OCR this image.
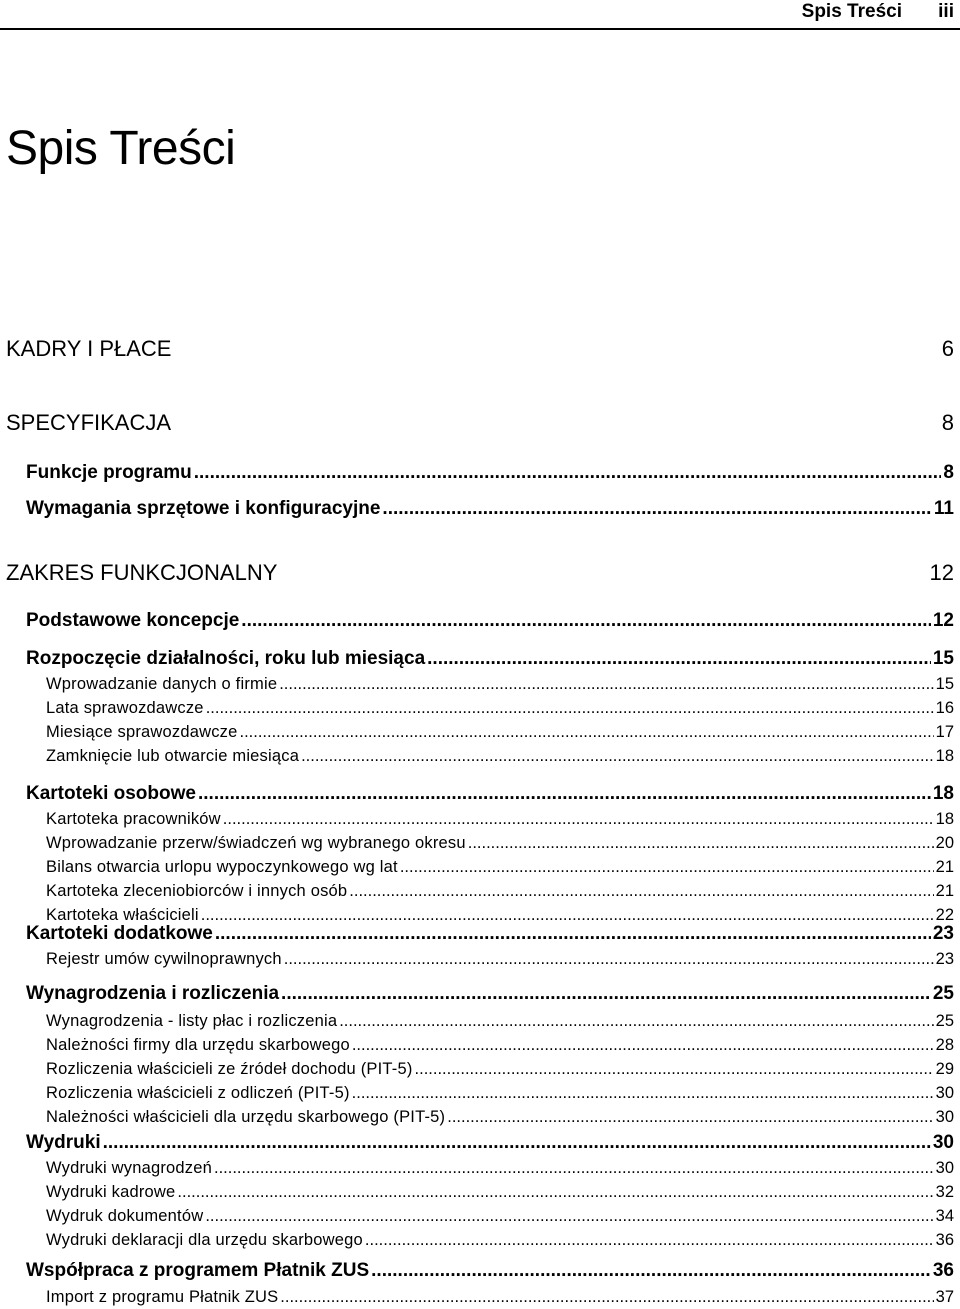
Spis Treści iii
Spis Treści
KADRY I PŁACE	6
SPECYFIKACJA	8
Funkcje programu .....	8
Wymagania sprzętowe i konfiguracyjne .....	11
ZAKRES FUNKCJONALNY	12
Podstawowe koncepcje .....	12
Rozpoczęcie działalności, roku lub miesiąca .....	15
Wprowadzanie danych o firmie .....	15
Lata sprawozdawcze .....	16
Miesiące sprawozdawcze .....	17
Zamknięcie lub otwarcie miesiąca .....	18
Kartoteki osobowe .....	18
Kartoteka pracowników .....	18
Wprowadzanie przerw/świadczeń wg wybranego okresu .....	20
Bilans otwarcia urlopu wypoczynkowego wg lat .....	21
Kartoteka zleceniobiorców i innych osób .....	21
Kartoteka właścicieli .....	22
Kartoteki dodatkowe .....	23
Rejestr umów cywilnoprawnych .....	23
Wynagrodzenia i rozliczenia .....	25
Wynagrodzenia - listy płac i rozliczenia .....	25
Należności firmy dla urzędu skarbowego .....	28
Rozliczenia właścicieli ze źródeł dochodu (PIT-5) .....	29
Rozliczenia właścicieli z odliczeń (PIT-5) .....	30
Należności właścicieli dla urzędu skarbowego (PIT-5) .....	30
Wydruki .....	30
Wydruki wynagrodzeń .....	30
Wydruki kadrowe .....	32
Wydruk dokumentów .....	34
Wydruki deklaracji dla urzędu skarbowego .....	36
Współpraca z programem Płatnik ZUS .....	36
Import z programu Płatnik ZUS .....	37
